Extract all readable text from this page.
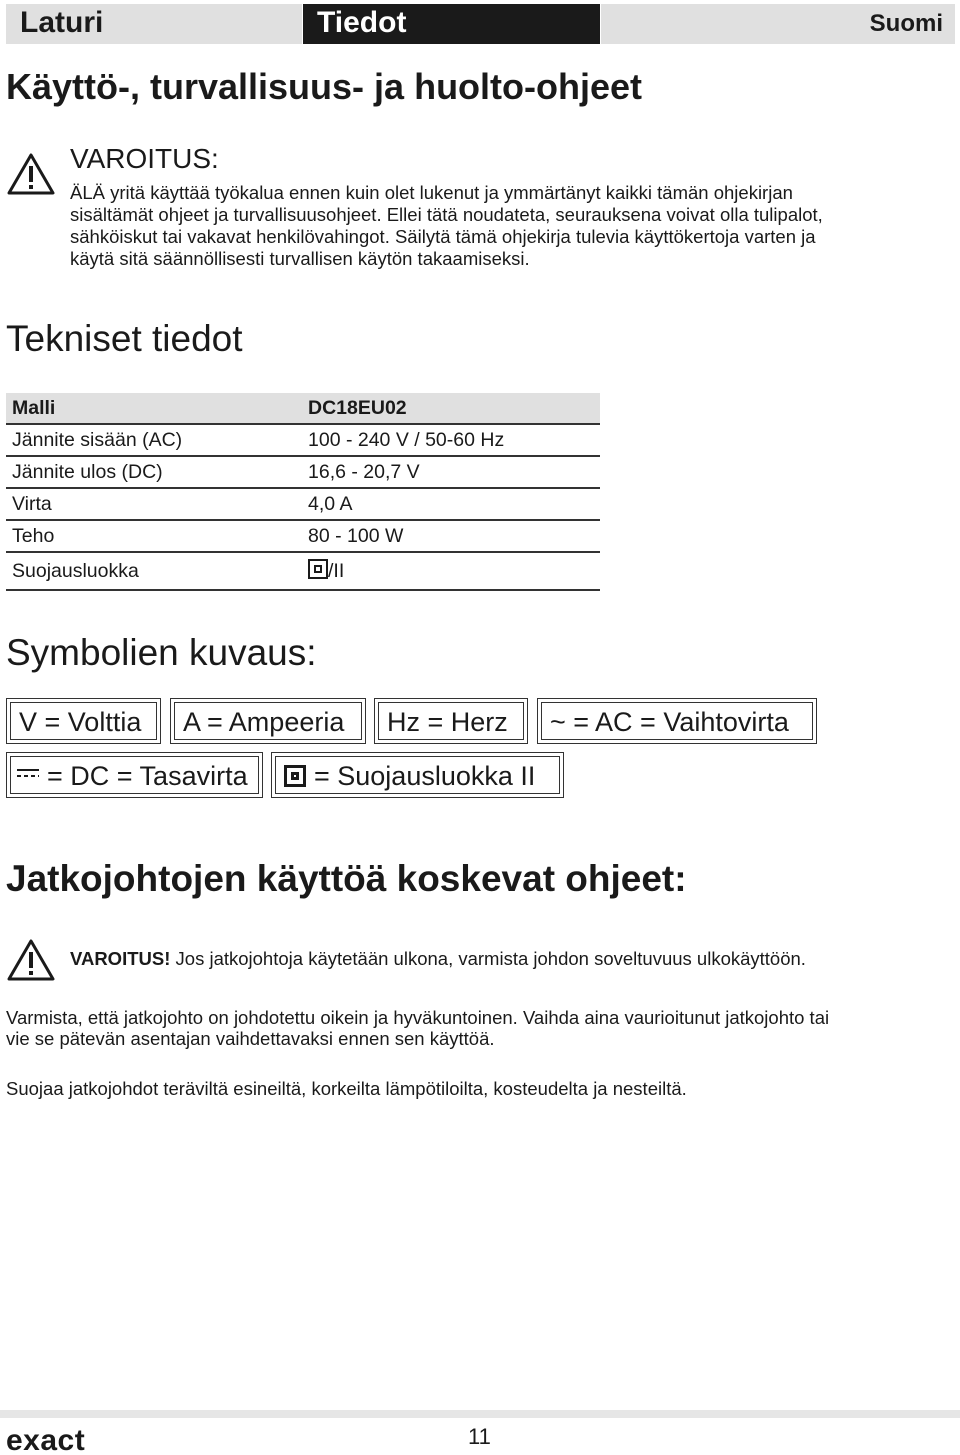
Laturi	Tiedot	Suomi
Käyttö-, turvallisuus- ja huolto-ohjeet
VAROITUS:
ÄLÄ yritä käyttää työkalua ennen kuin olet lukenut ja ymmärtänyt kaikki tämän ohjekirjan
sisältämät ohjeet ja turvallisuusohjeet. Ellei tätä noudateta, seurauksena voivat olla tulipalot,
sähköiskut tai vakavat henkilövahingot. Säilytä tämä ohjekirja tulevia käyttökertoja varten ja
käytä sitä säännöllisesti turvallisen käytön takaamiseksi.
Tekniset tiedot
Malli	DC18EU02
Jännite sisään (AC)	100 - 240 V / 50-60 Hz
Jännite ulos (DC)	16,6 - 20,7 V
Virta	4,0 A
Teho	80 - 100 W
Suojausluokka	/II
Symbolien kuvaus:
V = Volttia A = Ampeeria Hz = Herz ~ = AC = Vaihtovirta
= DC = Tasavirta	= Suojausluokka II
Jatkojohtojen käyttöä koskevat ohjeet:
VAROITUS! Jos jatkojohtoja käytetään ulkona, varmista johdon soveltuvuus ulkokäyttöön.
Varmista, että jatkojohto on johdotettu oikein ja hyväkuntoinen. Vaihda aina vaurioitunut jatkojohto tai
vie se pätevän asentajan vaihdettavaksi ennen sen käyttöä.
Suojaa jatkojohdot teräviltä esineiltä, korkeilta lämpötiloilta, kosteudelta ja nesteiltä.
exact	11
